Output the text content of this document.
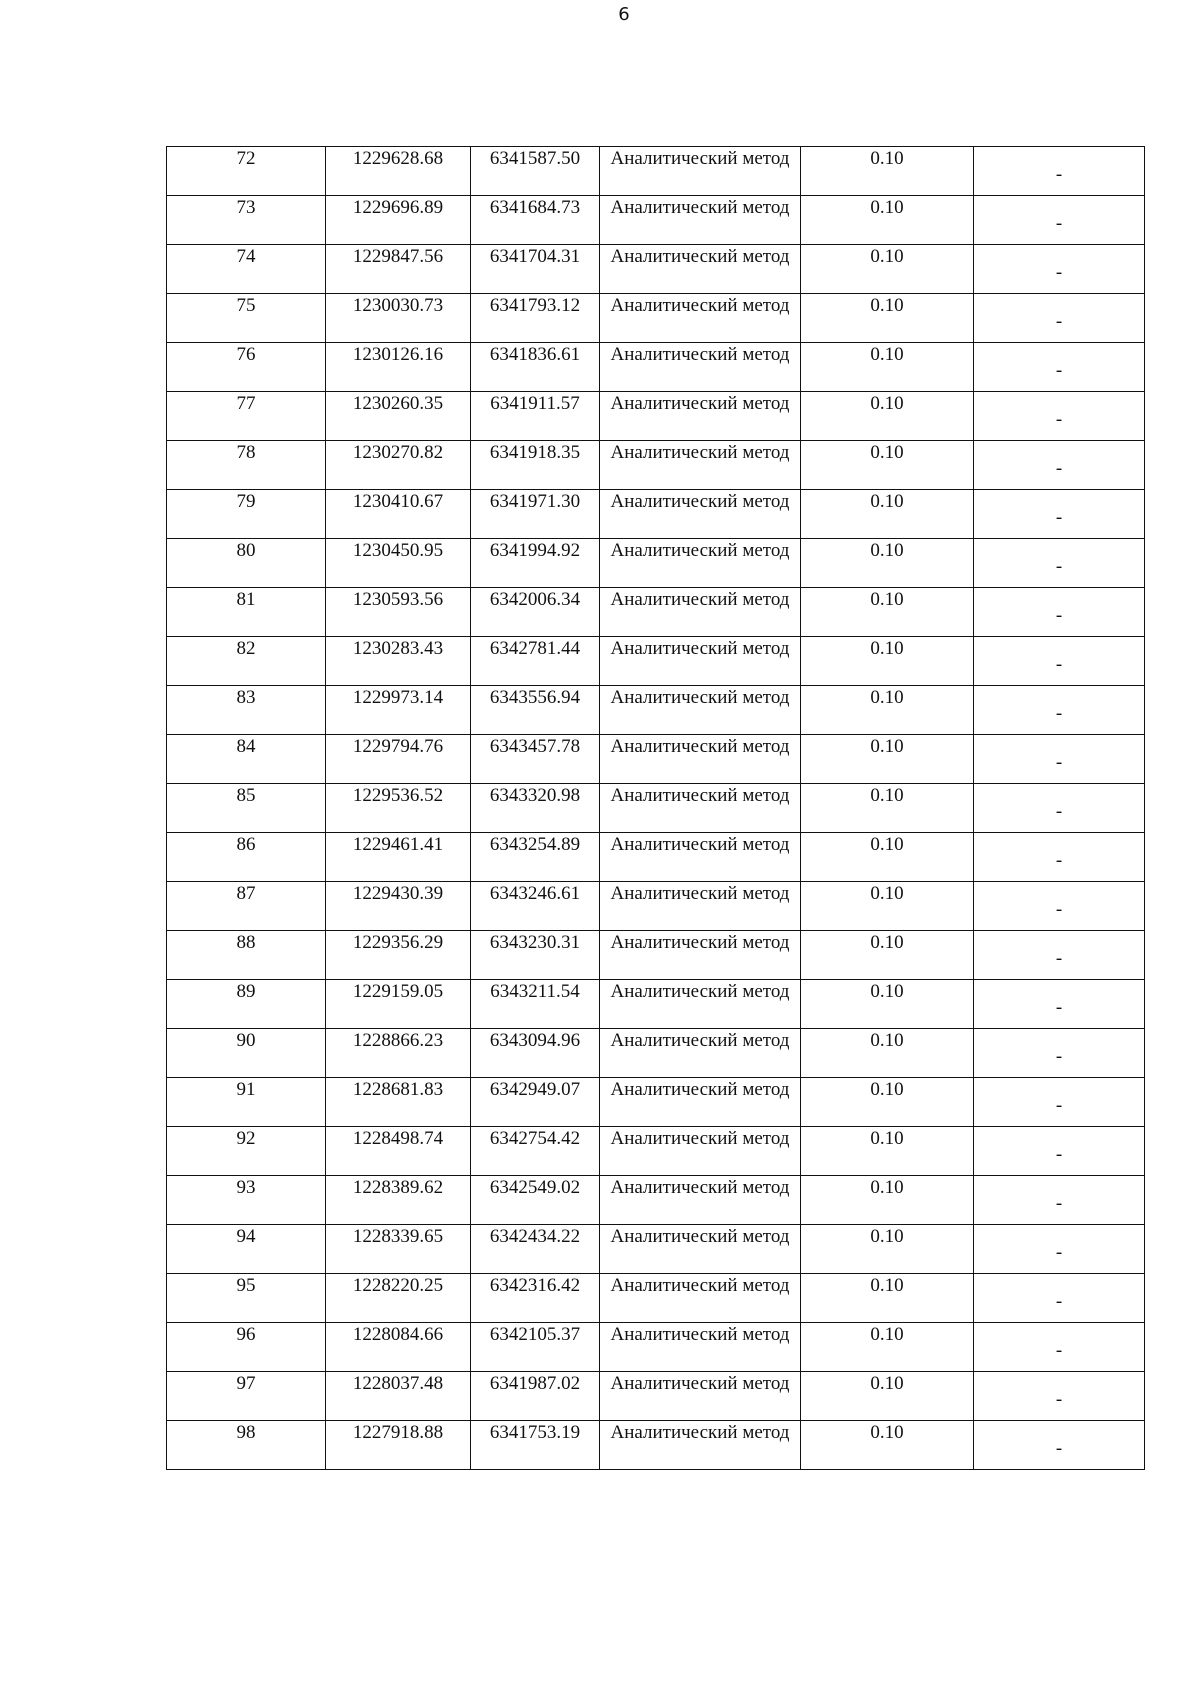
6
72	1229628.68	6341587.50	Аналитический метод	0.10	-
73	1229696.89	6341684.73	Аналитический метод	0.10	-
74	1229847.56	6341704.31	Аналитический метод	0.10	-
75	1230030.73	6341793.12	Аналитический метод	0.10	-
76	1230126.16	6341836.61	Аналитический метод	0.10	-
77	1230260.35	6341911.57	Аналитический метод	0.10	-
78	1230270.82	6341918.35	Аналитический метод	0.10	-
79	1230410.67	6341971.30	Аналитический метод	0.10	-
80	1230450.95	6341994.92	Аналитический метод	0.10	-
81	1230593.56	6342006.34	Аналитический метод	0.10	-
82	1230283.43	6342781.44	Аналитический метод	0.10	-
83	1229973.14	6343556.94	Аналитический метод	0.10	-
84	1229794.76	6343457.78	Аналитический метод	0.10	-
85	1229536.52	6343320.98	Аналитический метод	0.10	-
86	1229461.41	6343254.89	Аналитический метод	0.10	-
87	1229430.39	6343246.61	Аналитический метод	0.10	-
88	1229356.29	6343230.31	Аналитический метод	0.10	-
89	1229159.05	6343211.54	Аналитический метод	0.10	-
90	1228866.23	6343094.96	Аналитический метод	0.10	-
91	1228681.83	6342949.07	Аналитический метод	0.10	-
92	1228498.74	6342754.42	Аналитический метод	0.10	-
93	1228389.62	6342549.02	Аналитический метод	0.10	-
94	1228339.65	6342434.22	Аналитический метод	0.10	-
95	1228220.25	6342316.42	Аналитический метод	0.10	-
96	1228084.66	6342105.37	Аналитический метод	0.10	-
97	1228037.48	6341987.02	Аналитический метод	0.10	-
98	1227918.88	6341753.19	Аналитический метод	0.10	-
